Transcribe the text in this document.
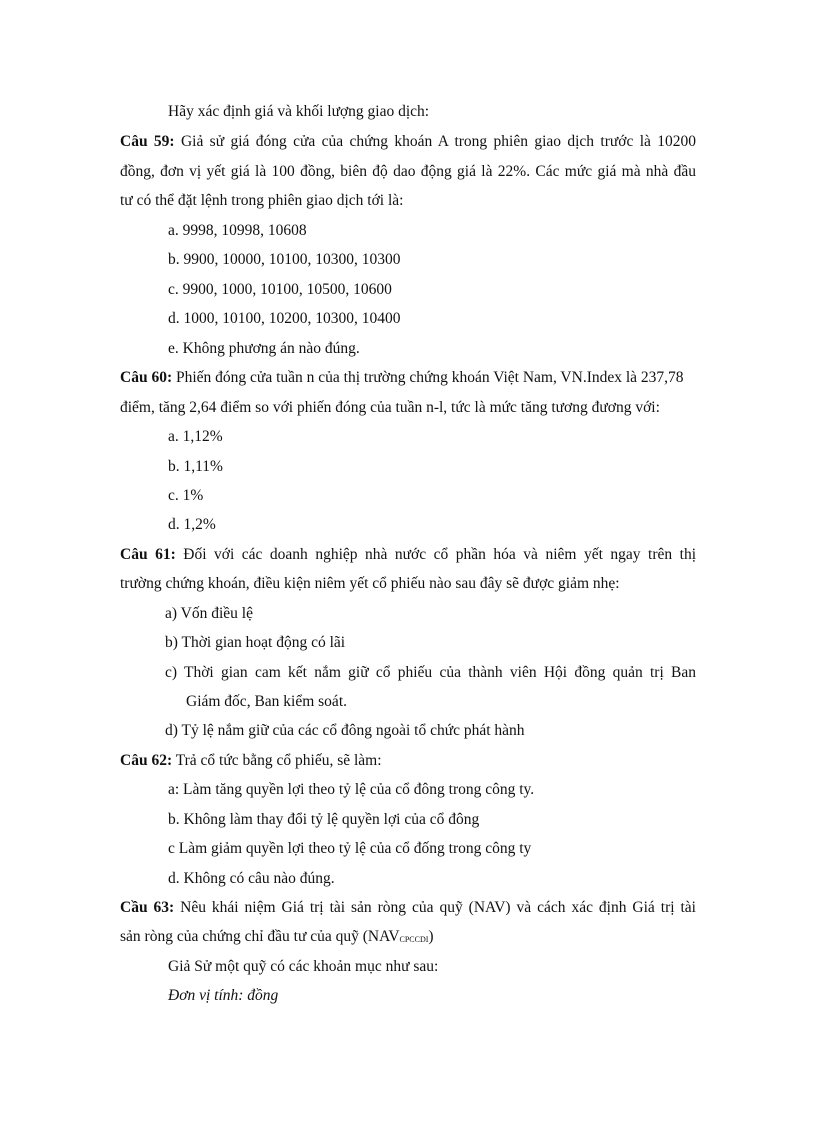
Hãy xác định giá và khối lượng giao dịch:
Câu 59: Giả sử giá đóng cửa của chứng khoán A trong phiên giao dịch trước là 10200
đồng, đơn vị yết giá là 100 đồng, biên độ dao động giá là 22%. Các mức giá mà nhà đầu
tư có thể đặt lệnh trong phiên giao dịch tới là:
a. 9998, 10998, 10608
b. 9900, 10000, 10100, 10300, 10300
c. 9900, 1000, 10100, 10500, 10600
d. 1000, 10100, 10200, 10300, 10400
e. Không phương án nào đúng.
Câu 60: Phiến đóng cửa tuần n của thị trường chứng khoán Việt Nam, VN.Index là 237,78
điểm, tăng 2,64 điểm so với phiến đóng của tuần n-l, tức là mức tăng tương đương với:
a. 1,12%
b. 1,11%
c. 1%
d. 1,2%
Câu 61: Đối với các doanh nghiệp nhà nước cổ phần hóa và niêm yết ngay trên thị
trường chứng khoán, điều kiện niêm yết cổ phiếu nào sau đây sẽ được giảm nhẹ:
a) Vốn điều lệ
b) Thời gian hoạt động có lãi
c) Thời gian cam kết nắm giữ cổ phiếu của thành viên Hội đồng quản trị Ban
Giám đốc, Ban kiểm soát.
d) Tỷ lệ nắm giữ của các cổ đông ngoài tổ chức phát hành
Câu 62: Trả cổ tức bằng cổ phiếu, sẽ làm:
a: Làm tăng quyền lợi theo tỷ lệ của cổ đông trong công ty.
b. Không làm thay đổi tỷ lệ quyền lợi của cổ đông
c Làm giảm quyền lợi theo tỷ lệ của cổ đống trong công ty
d. Không có câu nào đúng.
Cầu 63: Nêu khái niệm Giá trị tài sản ròng của quỹ (NAV) và cách xác định Giá trị tài
sản ròng của chứng chỉ đầu tư của quỹ (NAVCPCCDI)
Giả Sử một quỹ có các khoản mục như sau:
Đơn vị tính: đồng
